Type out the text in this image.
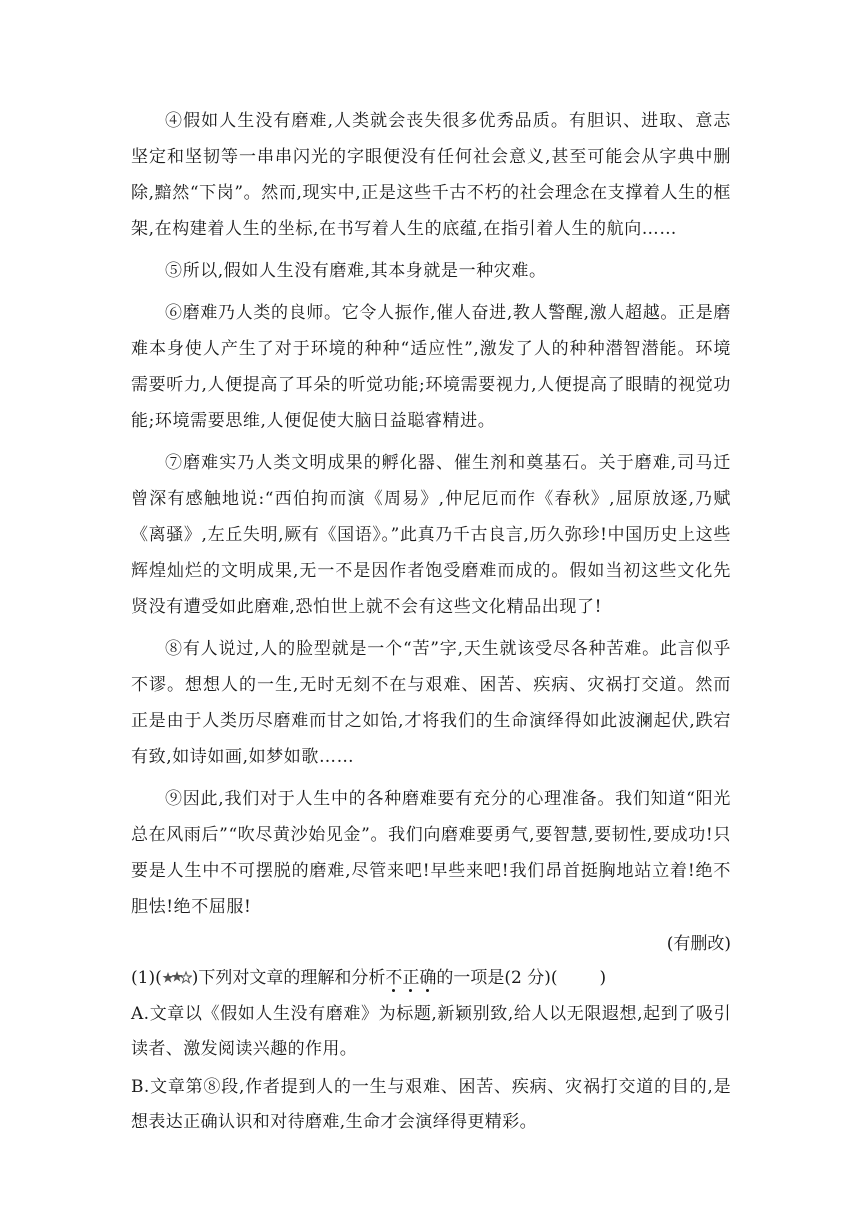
④假如人生没有磨难,人类就会丧失很多优秀品质。有胆识、进取、意志坚定和坚韧等一串串闪光的字眼便没有任何社会意义,甚至可能会从字典中删除,黯然“下岗”。然而,现实中,正是这些千古不朽的社会理念在支撑着人生的框架,在构建着人生的坐标,在书写着人生的底蕴,在指引着人生的航向……

⑤所以,假如人生没有磨难,其本身就是一种灾难。

⑥磨难乃人类的良师。它令人振作,催人奋进,教人警醒,激人超越。正是磨难本身使人产生了对于环境的种种“适应性”,激发了人的种种潜智潜能。环境需要听力,人便提高了耳朵的听觉功能;环境需要视力,人便提高了眼睛的视觉功能;环境需要思维,人便促使大脑日益聪睿精进。

⑦磨难实乃人类文明成果的孵化器、催生剂和奠基石。关于磨难,司马迁曾深有感触地说:“西伯拘而演《周易》,仲尼厄而作《春秋》,屈原放逐,乃赋《离骚》,左丘失明,厥有《国语》。”此真乃千古良言,历久弥珍!中国历史上这些辉煌灿烂的文明成果,无一不是因作者饱受磨难而成的。假如当初这些文化先贤没有遭受如此磨难,恐怕世上就不会有这些文化精品出现了!

⑧有人说过,人的脸型就是一个“苦”字,天生就该受尽各种苦难。此言似乎不谬。想想人的一生,无时无刻不在与艰难、困苦、疾病、灾祸打交道。然而正是由于人类历尽磨难而甘之如饴,才将我们的生命演绎得如此波澜起伏,跌宕有致,如诗如画,如梦如歌……

⑨因此,我们对于人生中的各种磨难要有充分的心理准备。我们知道“阳光总在风雨后”“吹尽黄沙始见金”。我们向磨难要勇气,要智慧,要韧性,要成功!只要是人生中不可摆脱的磨难,尽管来吧!早些来吧!我们昂首挺胸地站立着!绝不胆怯!绝不屈服!

(有删改)

(1)( )下列对文章的理解和分析不正确的一项是(2 分)( )

A.文章以《假如人生没有磨难》为标题,新颖别致,给人以无限遐想,起到了吸引读者、激发阅读兴趣的作用。

B.文章第⑧段,作者提到人的一生与艰难、困苦、疾病、灾祸打交道的目的,是想表达正确认识和对待磨难,生命才会演绎得更精彩。
